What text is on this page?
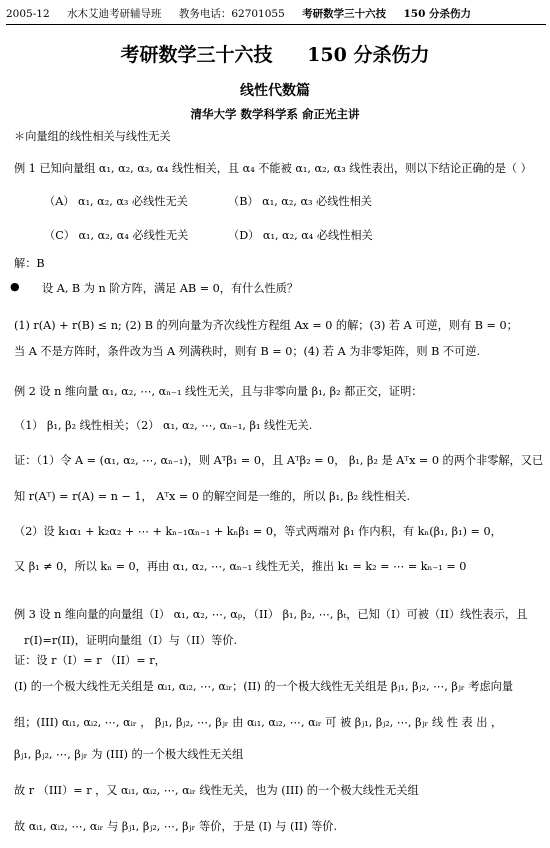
2005-12 水木艾迪考研辅导班 教务电话：62701055 考研数学三十六技 150 分杀伤力
考研数学三十六技 150 分杀伤力
线性代数篇
清华大学 数学科学系 俞正光主讲
＊向量组的线性相关与线性无关
例 1 已知向量组 α₁, α₂, α₃, α₄ 线性相关，且 α₄ 不能被 α₁, α₂, α₃ 线性表出，则以下结论正确的是（ ）
（A） α₁, α₂, α₃ 必线性无关	（B） α₁, α₂, α₃ 必线性相关
（C） α₁, α₂, α₄ 必线性无关	（D） α₁, α₂, α₄ 必线性相关
解：B
● 设 A, B 为 n 阶方阵，满足 AB = 0，有什么性质？
(1) r(A) + r(B) ≤ n; (2) B 的列向量为齐次线性方程组 Ax = 0 的解；(3) 若 A 可逆，则有 B = 0；
当 A 不是方阵时，条件改为当 A 列满秩时，则有 B = 0；(4) 若 A 为非零矩阵，则 B 不可逆.
例 2 设 n 维向量 α₁, α₂, ⋯, αₙ₋₁ 线性无关，且与非零向量 β₁, β₂ 都正交，证明：
（1） β₁, β₂ 线性相关；（2） α₁, α₂, ⋯, αₙ₋₁, β₁ 线性无关.
证：（1）令 A = (α₁, α₂, ⋯, αₙ₋₁)，则 Aᵀβ₁ = 0，且 Aᵀβ₂ = 0， β₁, β₂ 是 Aᵀx = 0 的两个非零解，又已
知 r(Aᵀ) = r(A) = n − 1， Aᵀx = 0 的解空间是一维的，所以 β₁, β₂ 线性相关.
（2）设 k₁α₁ + k₂α₂ + ⋯ + kₙ₋₁αₙ₋₁ + kₙβ₁ = 0，等式两端对 β₁ 作内积，有 kₙ(β₁, β₁) = 0，
又 β₁ ≠ 0，所以 kₙ = 0，再由 α₁, α₂, ⋯, αₙ₋₁ 线性无关，推出 k₁ = k₂ = ⋯ = kₙ₋₁ = 0
例 3 设 n 维向量的向量组（I） α₁, α₂, ⋯, αₚ，（II） β₁, β₂, ⋯, βₜ，已知（I）可被（II）线性表示，且
r(I)=r(II)，证明向量组（I）与（II）等价.
证：设 r（I）= r （II）= r，
(I) 的一个极大线性无关组是 αᵢ₁, αᵢ₂, ⋯, αᵢᵣ；(II) 的一个极大线性无关组是 βⱼ₁, βⱼ₂, ⋯, βⱼᵣ 考虑向量
组；(III) αᵢ₁, αᵢ₂, ⋯, αᵢᵣ ， βⱼ₁, βⱼ₂, ⋯, βⱼᵣ 由 αᵢ₁, αᵢ₂, ⋯, αᵢᵣ 可 被 βⱼ₁, βⱼ₂, ⋯, βⱼᵣ 线 性 表 出 ，
βⱼ₁, βⱼ₂, ⋯, βⱼᵣ 为 (III) 的一个极大线性无关组
故 r （III）= r ，又 αᵢ₁, αᵢ₂, ⋯, αᵢᵣ 线性无关，也为 (III) 的一个极大线性无关组
故 αᵢ₁, αᵢ₂, ⋯, αᵢᵣ 与 βⱼ₁, βⱼ₂, ⋯, βⱼᵣ 等价，于是 (I) 与 (II) 等价.
